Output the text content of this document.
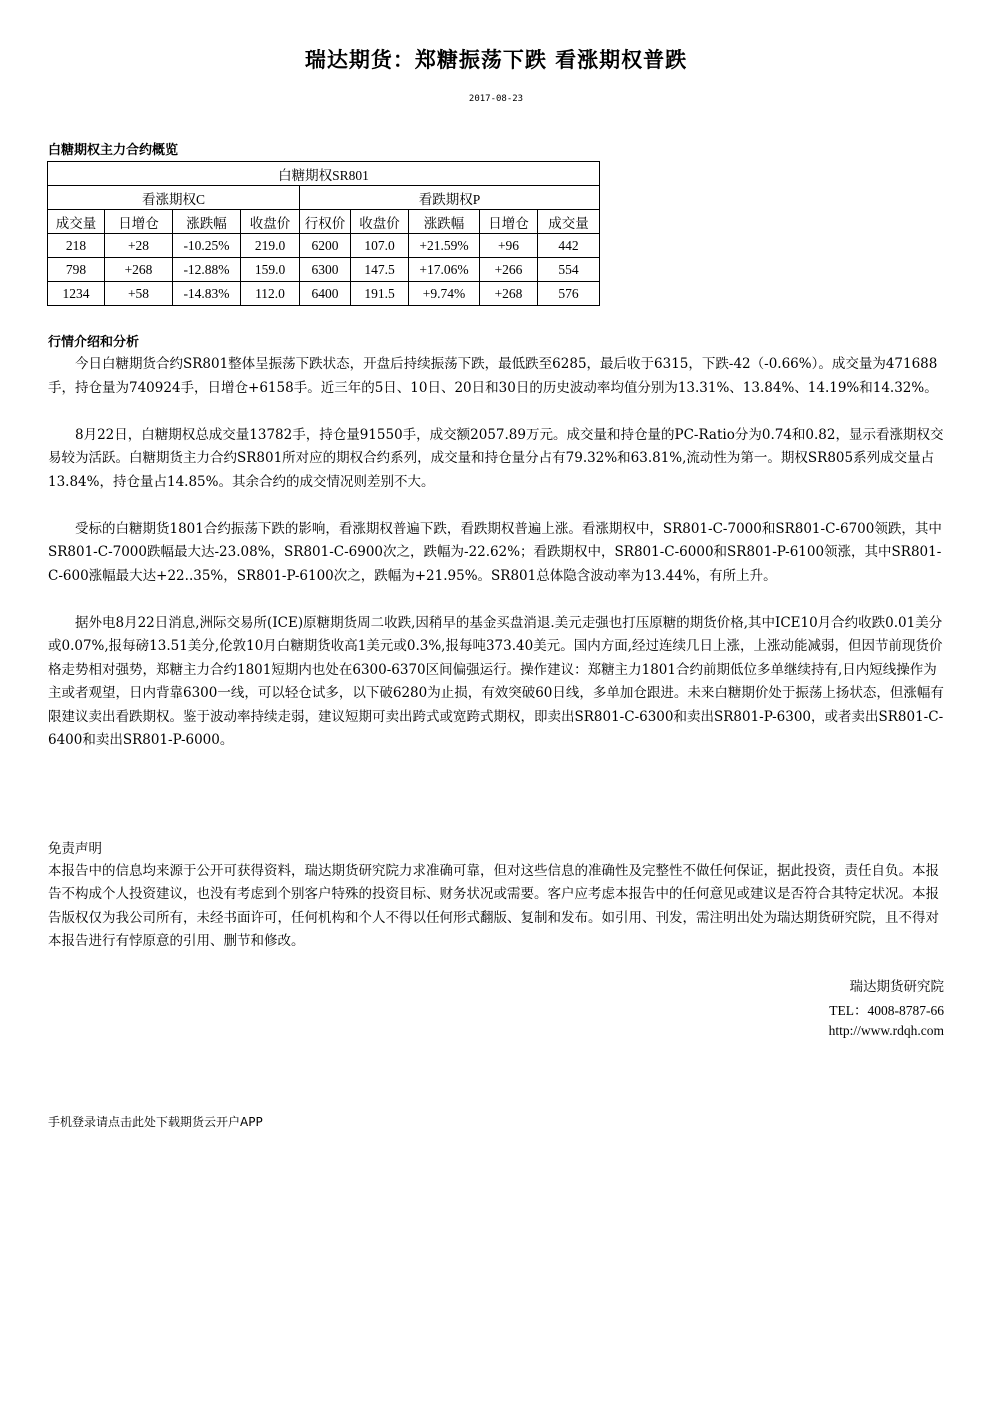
瑞达期货：郑糖振荡下跌 看涨期权普跌
2017-08-23
白糖期权主力合约概览
白糖期权SR801								
看涨期权C				看跌期权P				
成交量	日增仓	涨跌幅	收盘价	行权价	收盘价	涨跌幅	日增仓	成交量
218	+28	-10.25%	219.0	6200	107.0	+21.59%	+96	442
798	+268	-12.88%	159.0	6300	147.5	+17.06%	+266	554
1234	+58	-14.83%	112.0	6400	191.5	+9.74%	+268	576
行情介绍和分析

今日白糖期货合约SR801整体呈振荡下跌状态，开盘后持续振荡下跌，最低跌至6285，最后收于6315，下跌-42（-0.66%）。成交量为471688手，持仓量为740924手，日增仓+6158手。近三年的5日、10日、20日和30日的历史波动率均值分别为13.31%、13.84%、14.19%和14.32%。

8月22日，白糖期权总成交量13782手，持仓量91550手，成交额2057.89万元。成交量和持仓量的PC-Ratio分为0.74和0.82，显示看涨期权交易较为活跃。白糖期货主力合约SR801所对应的期权合约系列，成交量和持仓量分占有79.32%和63.81%,流动性为第一。期权SR805系列成交量占13.84%，持仓量占14.85%。其余合约的成交情况则差别不大。

受标的白糖期货1801合约振荡下跌的影响，看涨期权普遍下跌，看跌期权普遍上涨。看涨期权中，SR801-C-7000和SR801-C-6700领跌，其中SR801-C-7000跌幅最大达-23.08%，SR801-C-6900次之，跌幅为-22.62%；看跌期权中，SR801-C-6000和SR801-P-6100领涨，其中SR801-C-600涨幅最大达+22..35%，SR801-P-6100次之，跌幅为+21.95%。SR801总体隐含波动率为13.44%，有所上升。

据外电8月22日消息,洲际交易所(ICE)原糖期货周二收跌,因稍早的基金买盘消退.美元走强也打压原糖的期货价格,其中ICE10月合约收跌0.01美分或0.07%,报每磅13.51美分,伦敦10月白糖期货收高1美元或0.3%,报每吨373.40美元。国内方面,经过连续几日上涨，上涨动能减弱，但因节前现货价格走势相对强势，郑糖主力合约1801短期内也处在6300-6370区间偏强运行。操作建议：郑糖主力1801合约前期低位多单继续持有,日内短线操作为主或者观望，日内背靠6300一线，可以轻仓试多，以下破6280为止损，有效突破60日线，多单加仓跟进。未来白糖期价处于振荡上扬状态，但涨幅有限建议卖出看跌期权。鉴于波动率持续走弱，建议短期可卖出跨式或宽跨式期权，即卖出SR801-C-6300和卖出SR801-P-6300，或者卖出SR801-C-6400和卖出SR801-P-6000。

免责声明
本报告中的信息均来源于公开可获得资料，瑞达期货研究院力求准确可靠，但对这些信息的准确性及完整性不做任何保证，据此投资，责任自负。本报告不构成个人投资建议，也没有考虑到个别客户特殊的投资目标、财务状况或需要。客户应考虑本报告中的任何意见或建议是否符合其特定状况。本报告版权仅为我公司所有，未经书面许可，任何机构和个人不得以任何形式翻版、复制和发布。如引用、刊发，需注明出处为瑞达期货研究院，且不得对本报告进行有悖原意的引用、删节和修改。
瑞达期货研究院
TEL：4008-8787-66
http://www.rdqh.com
手机登录请点击此处下载期货云开户APP
